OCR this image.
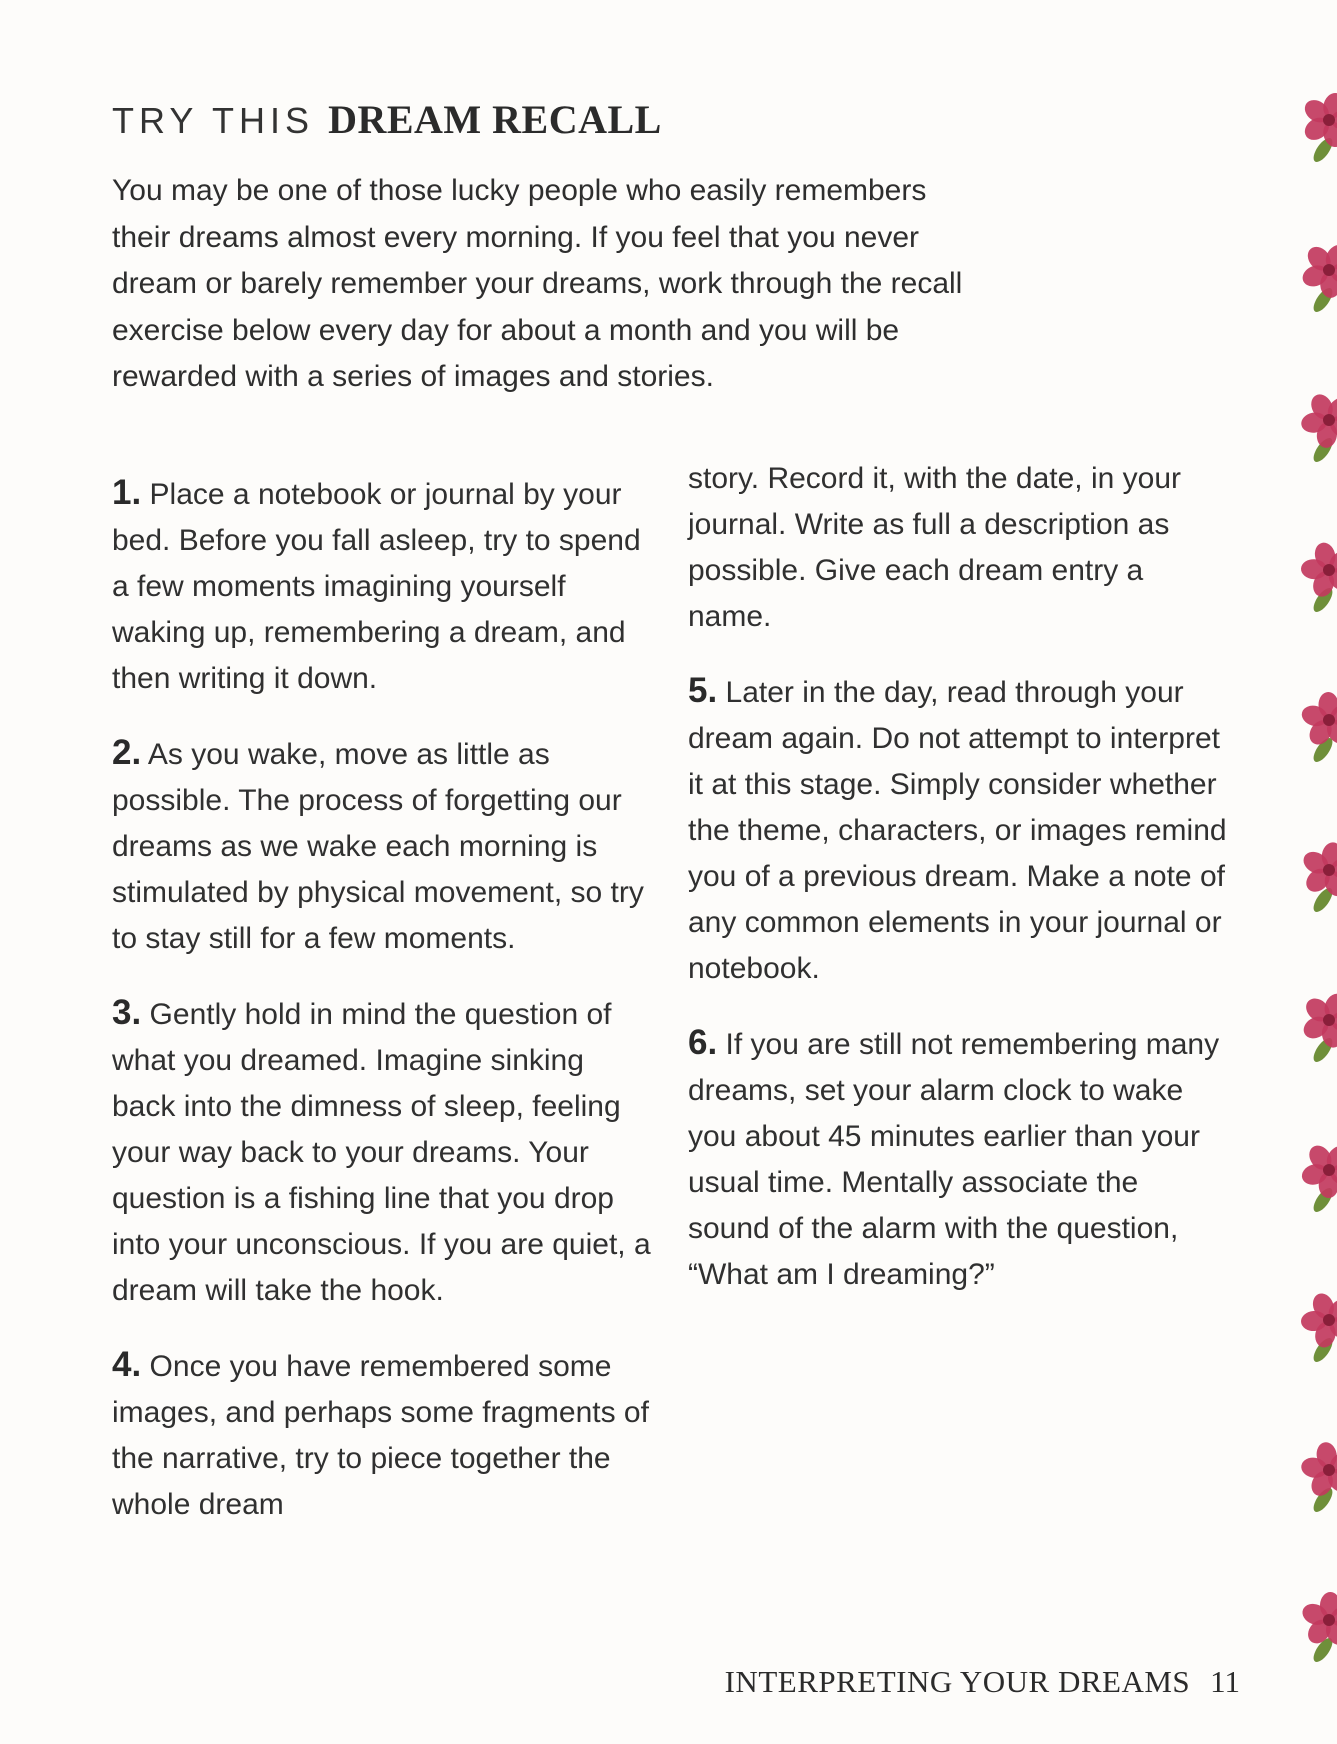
TRY THIS DREAM RECALL

You may be one of those lucky people who easily remembers their dreams almost every morning. If you feel that you never dream or barely remember your dreams, work through the recall exercise below every day for about a month and you will be rewarded with a series of images and stories.

1. Place a notebook or journal by your bed. Before you fall asleep, try to spend a few moments imagining yourself waking up, remembering a dream, and then writing it down.

2. As you wake, move as little as possible. The process of forgetting our dreams as we wake each morning is stimulated by physical movement, so try to stay still for a few moments.

3. Gently hold in mind the question of what you dreamed. Imagine sinking back into the dimness of sleep, feeling your way back to your dreams. Your question is a fishing line that you drop into your unconscious. If you are quiet, a dream will take the hook.

4. Once you have remembered some images, and perhaps some fragments of the narrative, try to piece together the whole dream

story. Record it, with the date, in your journal. Write as full a description as possible. Give each dream entry a name.

5. Later in the day, read through your dream again. Do not attempt to interpret it at this stage. Simply consider whether the theme, characters, or images remind you of a previous dream. Make a note of any common elements in your journal or notebook.

6. If you are still not remembering many dreams, set your alarm clock to wake you about 45 minutes earlier than your usual time. Mentally associate the sound of the alarm with the question, “What am I dreaming?”

INTERPRETING YOUR DREAMS 11
